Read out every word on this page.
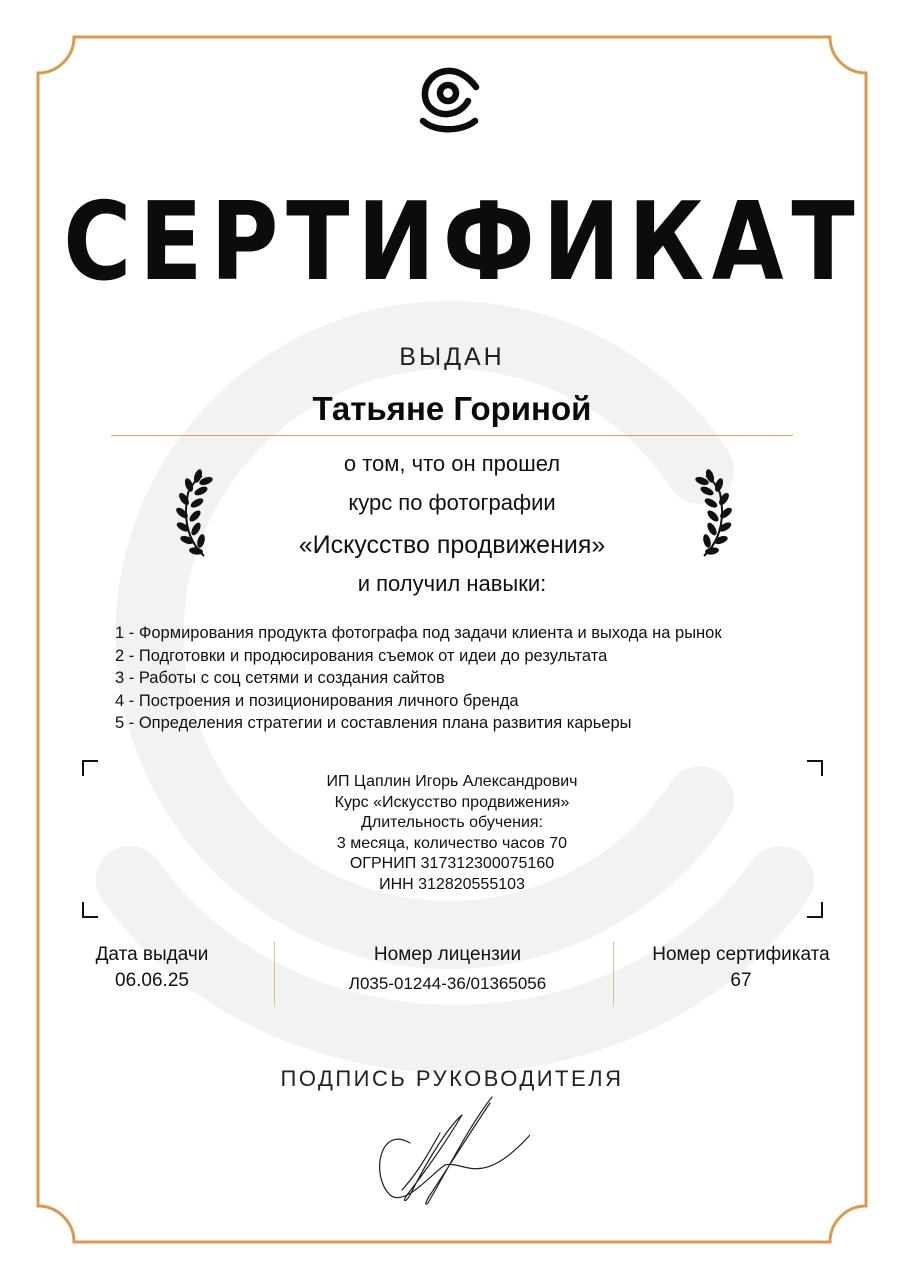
СЕРТИФИКАТ
ВЫДАН
Татьяне Гориной
о том, что он прошел
курс по фотографии
«Искусство продвижения»
и получил навыки:
1 - Формирования продукта фотографа под задачи клиента и выхода на рынок
2 - Подготовки и продюсирования съемок от идеи до результата
3 - Работы с соц сетями и создания сайтов
4 - Построения и позиционирования личного бренда
5 - Определения стратегии и составления плана развития карьеры
ИП Цаплин Игорь Александрович
Курс «Искусство продвижения»
Длительность обучения:
3 месяца, количество часов 70
ОГРНИП 317312300075160
ИНН 312820555103
Дата выдачи
06.06.25
Номер лицензии
Л035-01244-36/01365056
Номер сертификата
67
ПОДПИСЬ РУКОВОДИТЕЛЯ
